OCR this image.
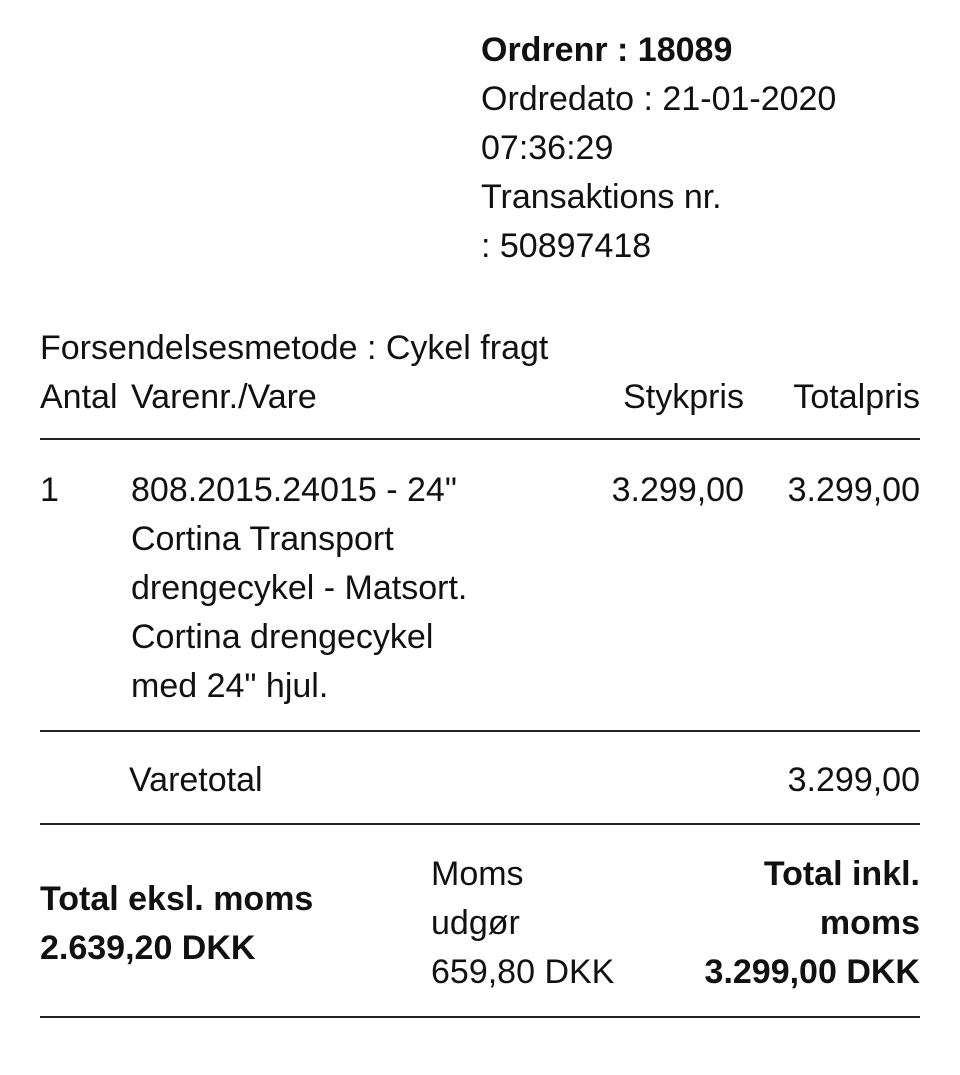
Ordrenr : 18089
Ordredato : 21-01-2020
07:36:29
Transaktions nr.
: 50897418
Forsendelsesmetode : Cykel fragt
Antal Varenr./Vare	Stykpris Totalpris
1 808.2015.24015 - 24"
Cortina Transport
drengecykel - Matsort.
Cortina drengecykel
med 24" hjul.
3.299,00 3.299,00
Varetotal	3.299,00
Total eksl. moms
2.639,20 DKK
Moms
udgør
659,80 DKK
Total inkl.
moms
3.299,00 DKK
